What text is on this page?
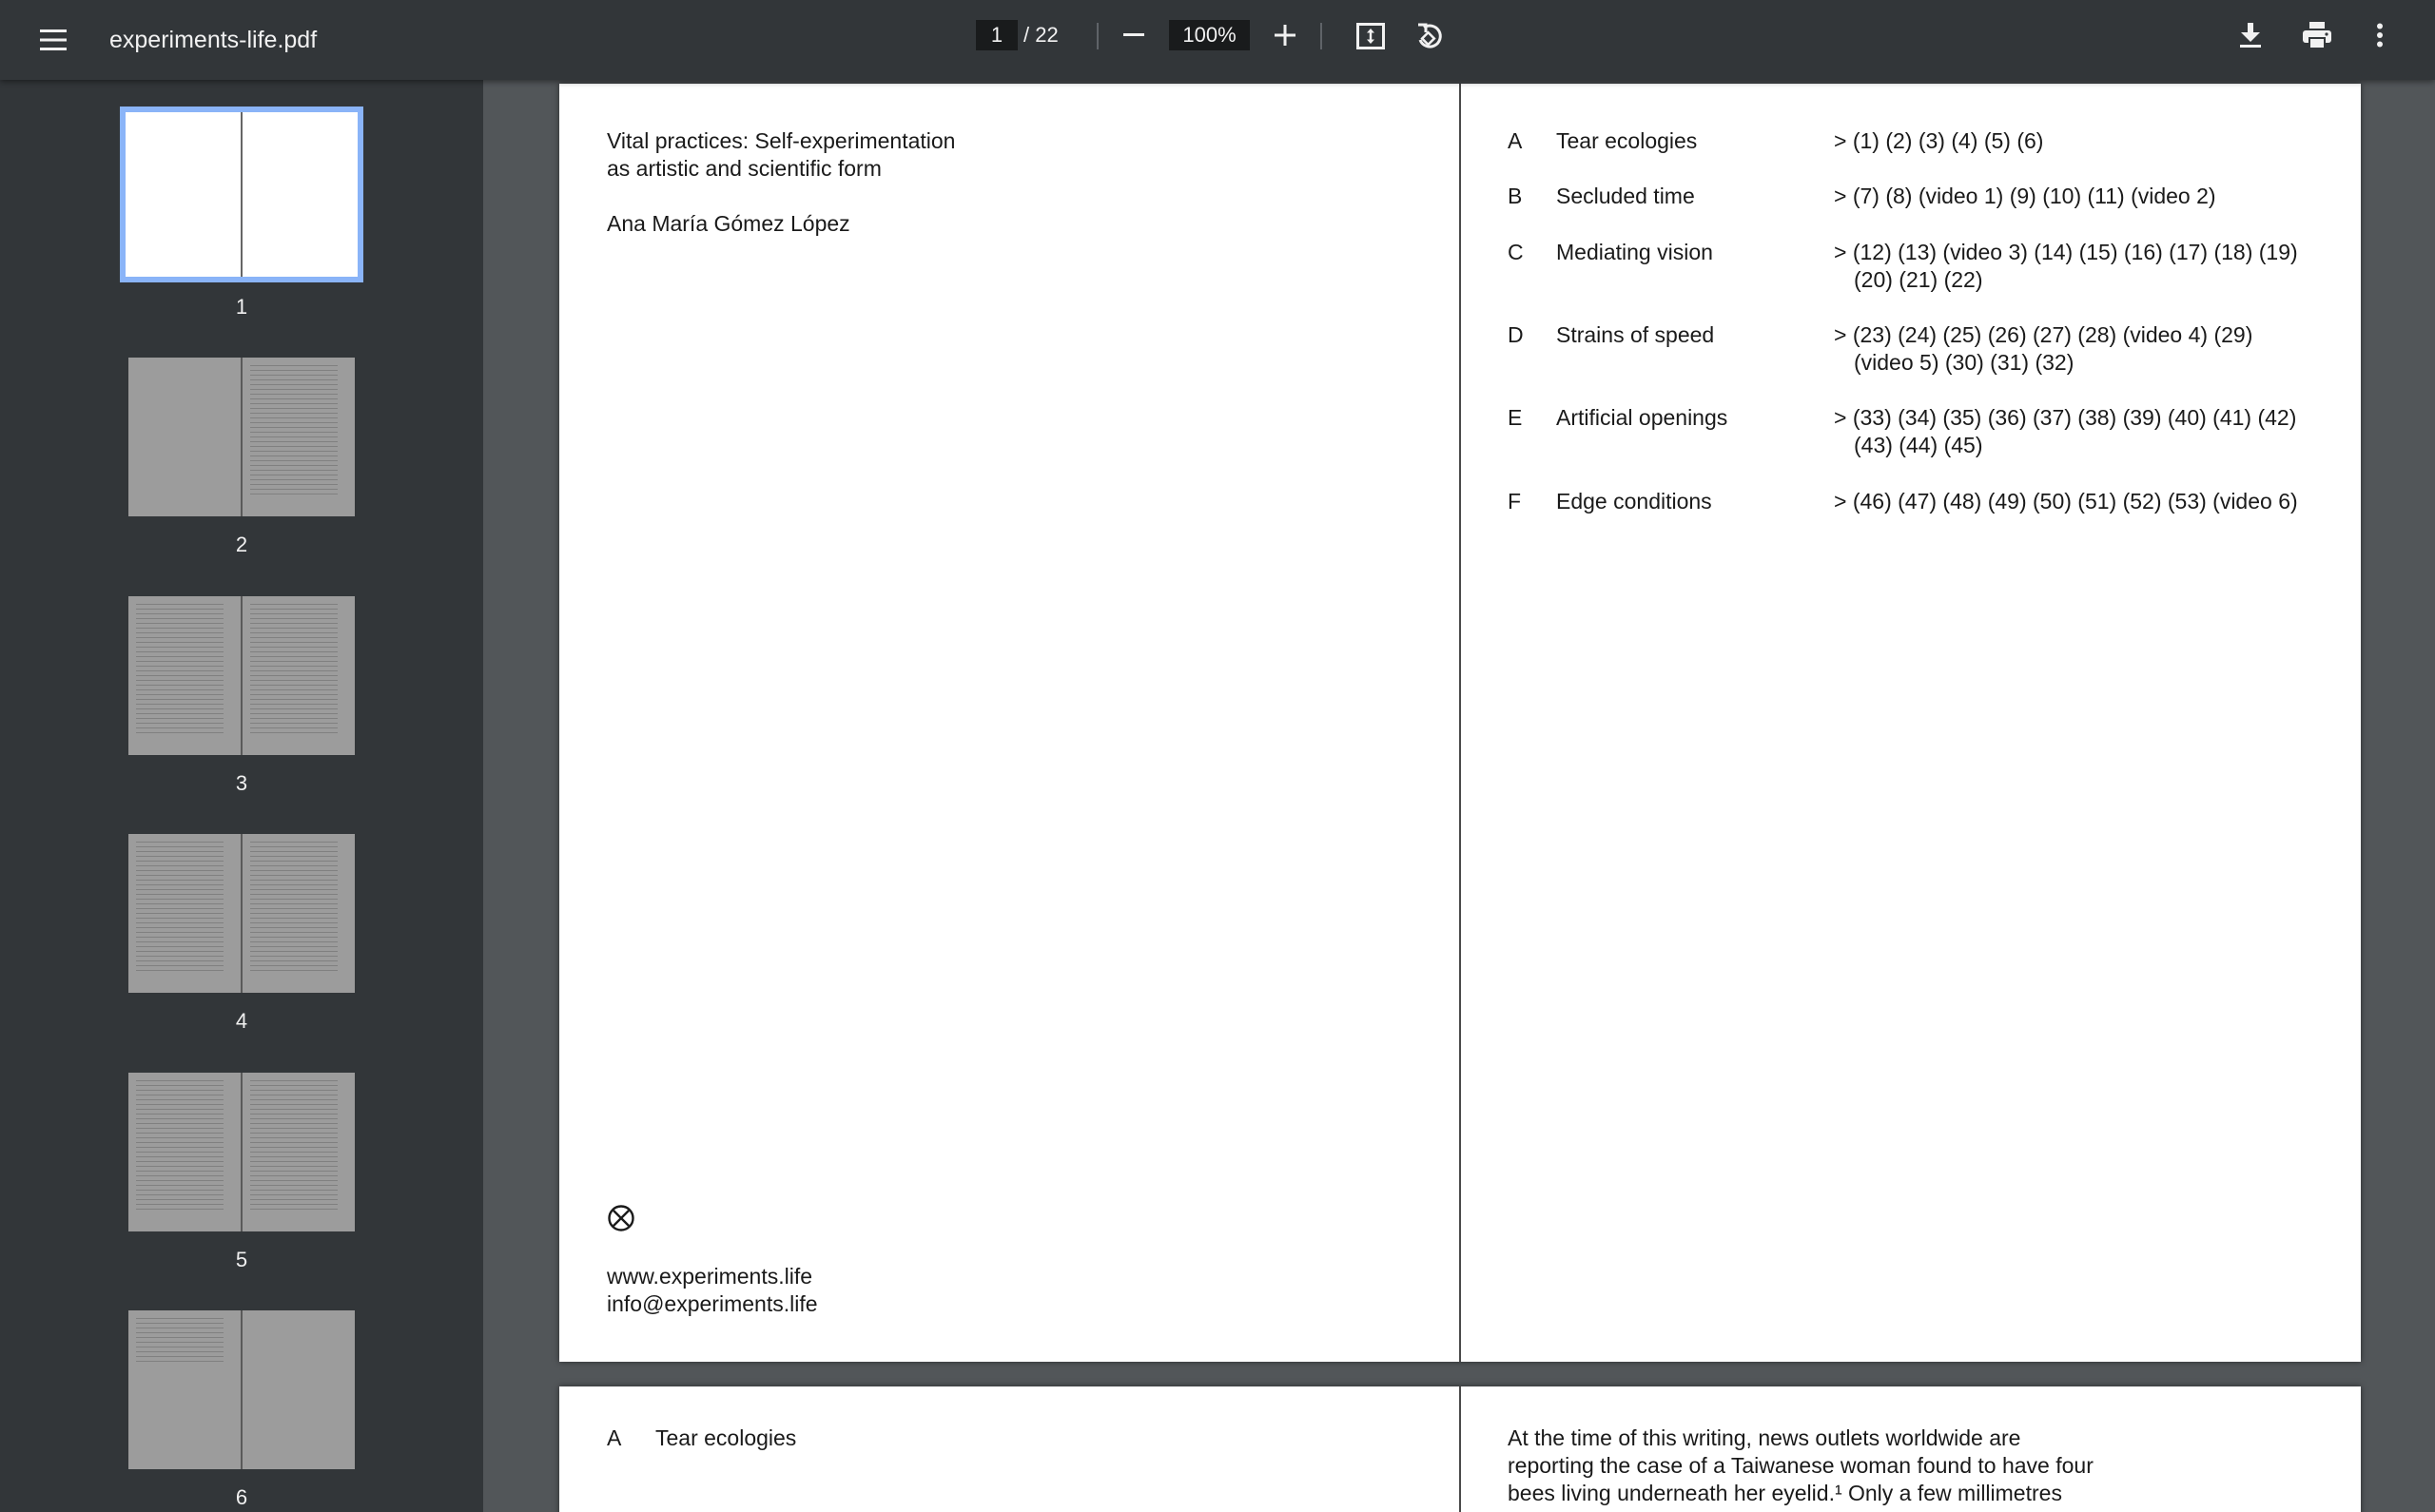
experiments-life.pdf
1	/ 22
100%
1
2
3
4
5
6
Vital practices: Self-experimentation
as artistic and scientific form
Ana María Gómez López
www.experiments.life
info@experiments.life
A Tear ecologies	> (1) (2) (3) (4) (5) (6)
B Secluded time	> (7) (8) (video 1) (9) (10) (11) (video 2)
C Mediating vision	> (12) (13) (video 3) (14) (15) (16) (17) (18) (19)
(20) (21) (22)
D Strains of speed	> (23) (24) (25) (26) (27) (28) (video 4) (29)
(video 5) (30) (31) (32)
E Artificial openings	> (33) (34) (35) (36) (37) (38) (39) (40) (41) (42)
(43) (44) (45)
F Edge conditions	> (46) (47) (48) (49) (50) (51) (52) (53) (video 6)
A Tear ecologies	At the time of this writing, news outlets worldwide are
reporting the case of a Taiwanese woman found to have four
bees living underneath her eyelid.¹ Only a few millimetres
